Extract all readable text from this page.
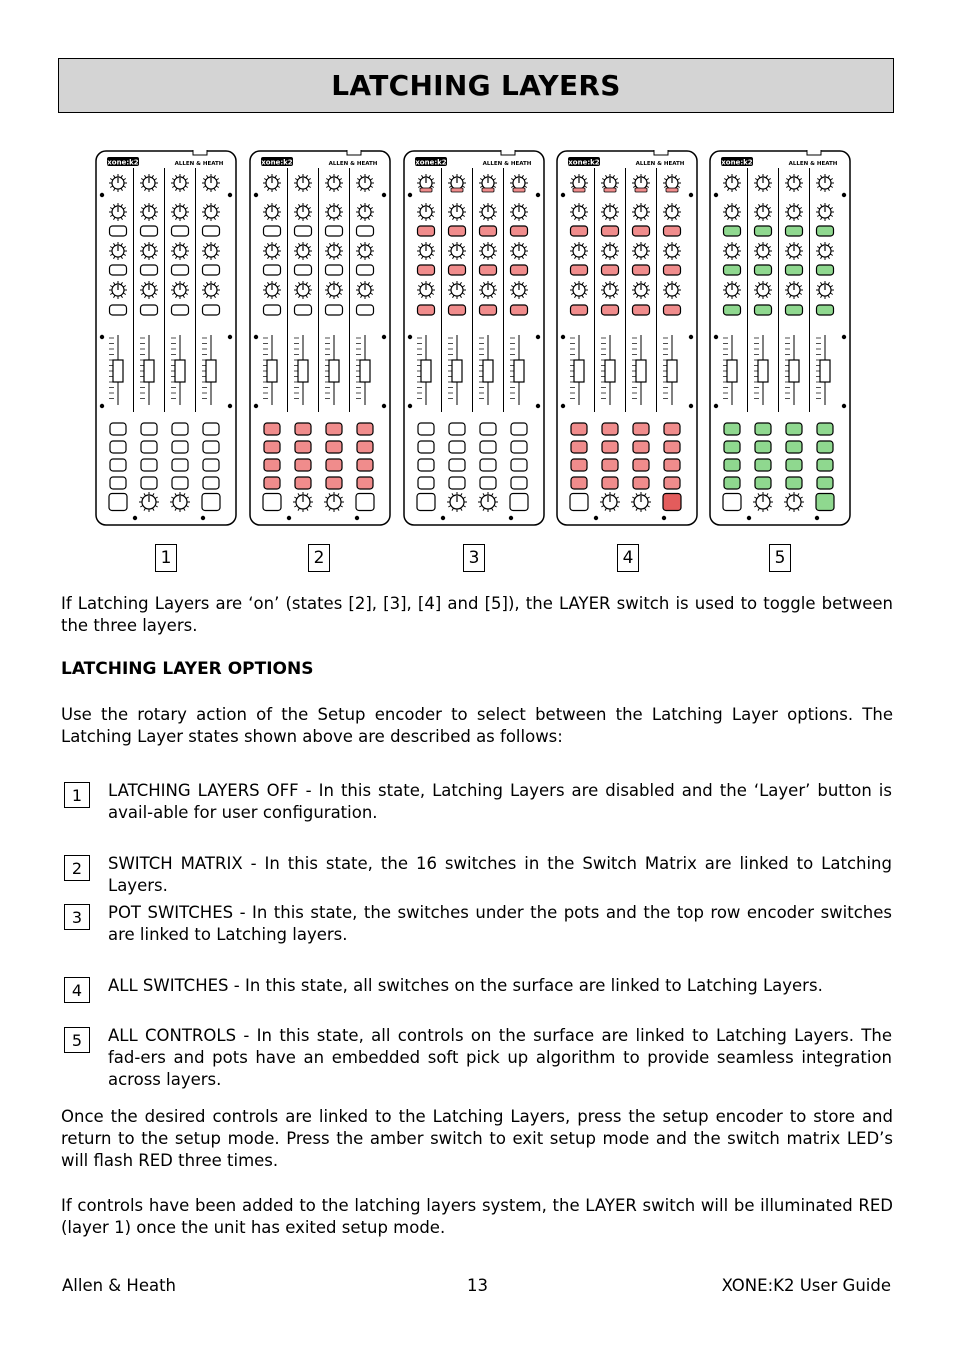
LATCHING LAYERS
xone:k2	ALLEN & HEATH
1
xone:k2	ALLEN & HEATH
2
xone:k2	ALLEN & HEATH
3
xone:k2	ALLEN & HEATH
4
xone:k2	ALLEN & HEATH
5
If Latching Layers are ‘on’ (states [2], [3], [4] and [5]), the LAYER switch is used to toggle between the three layers.
LATCHING LAYER OPTIONS
Use the rotary action of the Setup encoder to select between the Latching Layer options. The Latching Layer states shown above are described as follows:
1	LATCHING LAYERS OFF - In this state, Latching Layers are disabled and the ‘Layer’ button is avail-able for user configuration.
2	SWITCH MATRIX - In this state, the 16 switches in the Switch Matrix are linked to Latching Layers.
3	POT SWITCHES - In this state, the switches under the pots and the top row encoder switches are linked to Latching layers.
4	ALL SWITCHES - In this state, all switches on the surface are linked to Latching Layers.
5	ALL CONTROLS - In this state, all controls on the surface are linked to Latching Layers. The fad-ers and pots have an embedded soft pick up algorithm to provide seamless integration across layers.
Once the desired controls are linked to the Latching Layers, press the setup encoder to store and return to the setup mode. Press the amber switch to exit setup mode and the switch matrix LED’s will flash RED three times.
If controls have been added to the latching layers system, the LAYER switch will be illuminated RED (layer 1) once the unit has exited setup mode.
Allen & Heath	13	XONE:K2 User Guide
